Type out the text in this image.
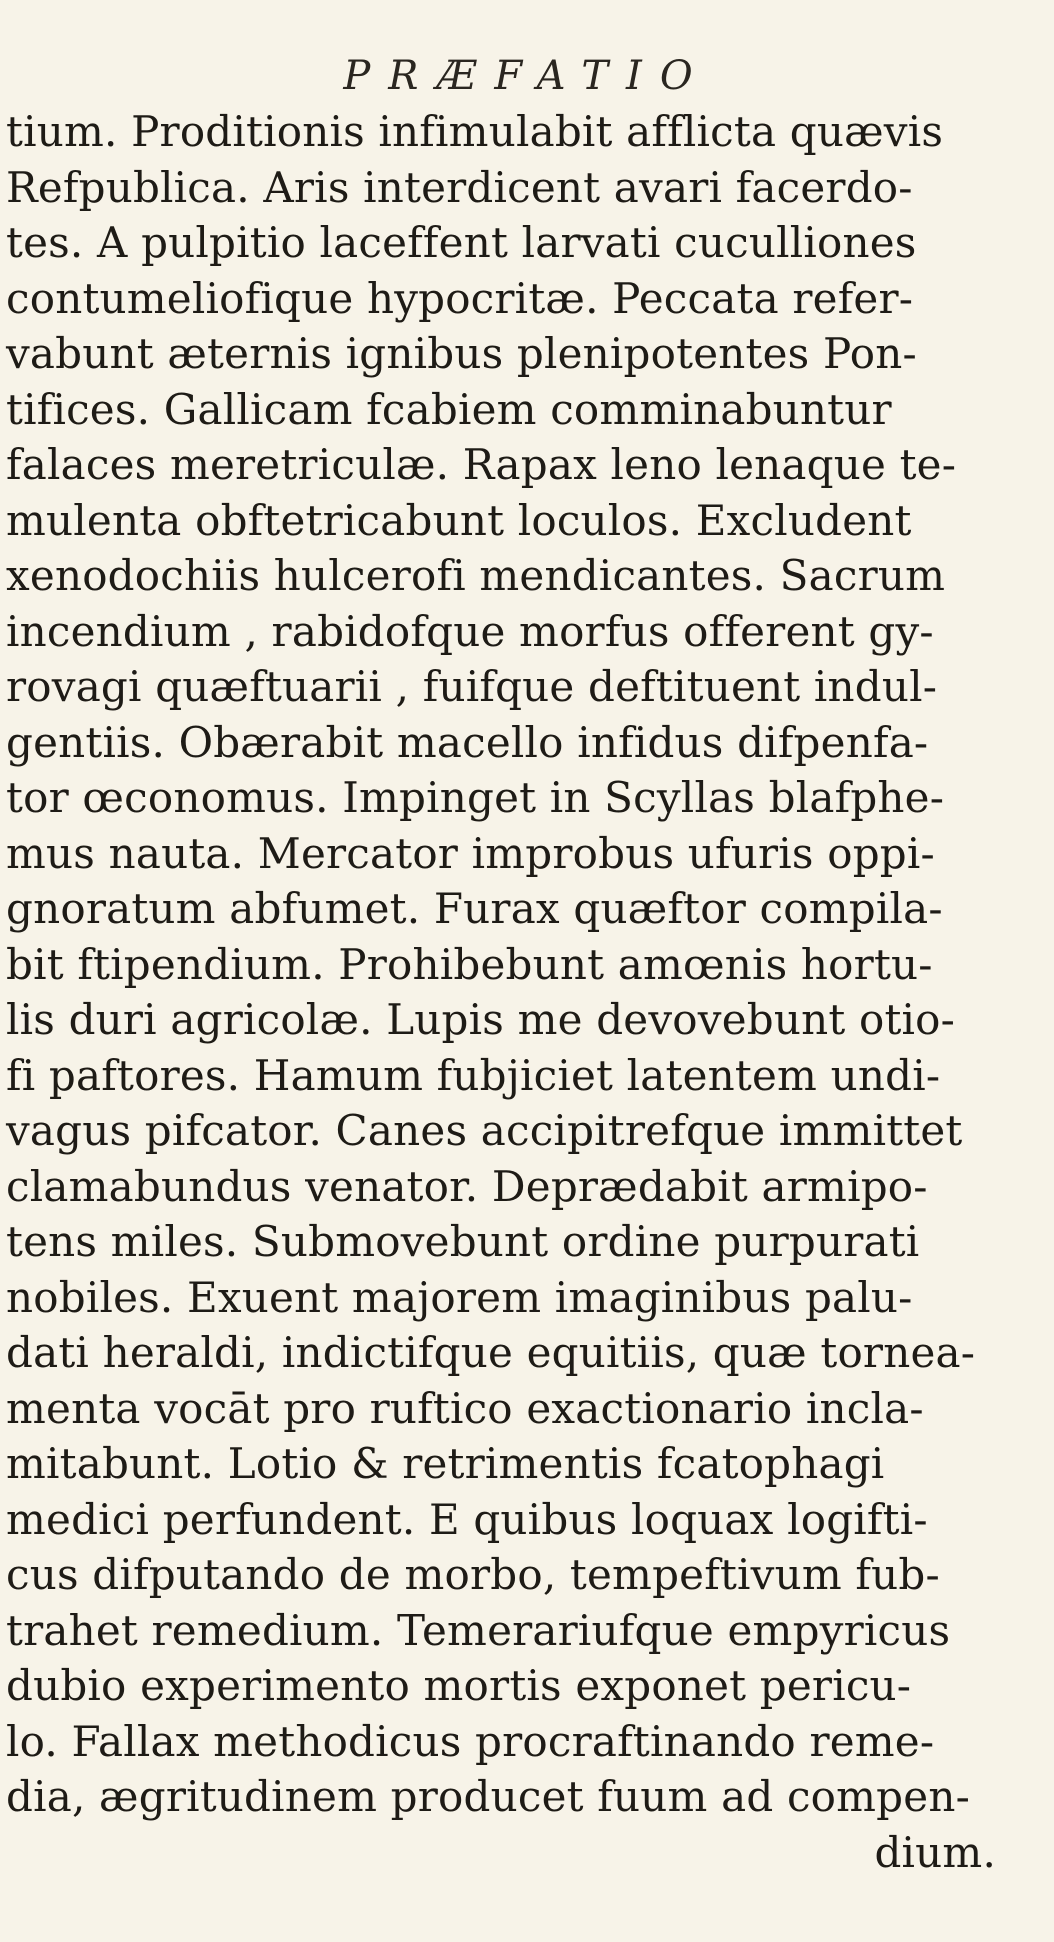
PRÆFATIO
tium. Proditionis infimulabit afflicta quævis
Refpublica. Aris interdicent avari facerdo-
tes. A pulpitio laceffent larvati cuculliones
contumeliofique hypocritæ. Peccata refer-
vabunt æternis ignibus plenipotentes Pon-
tifices. Gallicam fcabiem comminabuntur
falaces meretriculæ. Rapax leno lenaque te-
mulenta obftetricabunt loculos. Excludent
xenodochiis hulcerofi mendicantes. Sacrum
incendium , rabidofque morfus offerent gy-
rovagi quæftuarii , fuifque deftituent indul-
gentiis. Obærabit macello infidus difpenfa-
tor œconomus. Impinget in Scyllas blafphe-
mus nauta. Mercator improbus ufuris oppi-
gnoratum abfumet. Furax quæftor compila-
bit ftipendium. Prohibebunt amœnis hortu-
lis duri agricolæ. Lupis me devovebunt otio-
fi paftores. Hamum fubjiciet latentem undi-
vagus pifcator. Canes accipitrefque immittet
clamabundus venator. Deprædabit armipo-
tens miles. Submovebunt ordine purpurati
nobiles. Exuent majorem imaginibus palu-
dati heraldi, indictifque equitiis, quæ tornea-
menta vocāt pro ruftico exactionario incla-
mitabunt. Lotio & retrimentis fcatophagi
medici perfundent. E quibus loquax logifti-
cus difputando de morbo, tempeftivum fub-
trahet remedium. Temerariufque empyricus
dubio experimento mortis exponet pericu-
lo. Fallax methodicus procraftinando reme-
dia, ægritudinem producet fuum ad compen-
dium.
